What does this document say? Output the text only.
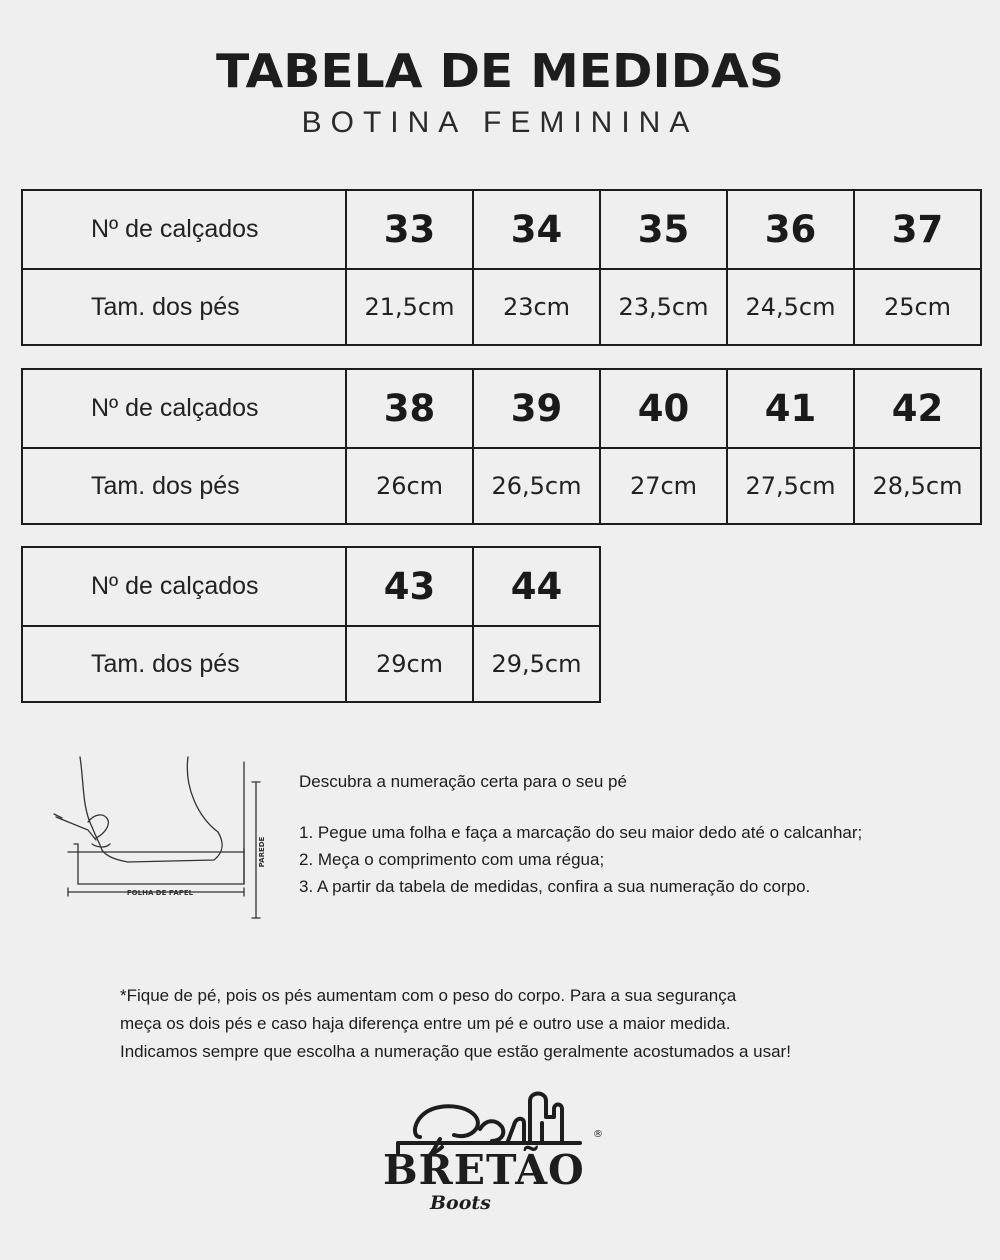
TABELA DE MEDIDAS
BOTINA FEMININA
Nº de calçados	33	34	35	36	37
Tam. dos pés	21,5cm	23cm	23,5cm	24,5cm	25cm
Nº de calçados	38	39	40	41	42
Tam. dos pés	26cm	26,5cm	27cm	27,5cm	28,5cm
Nº de calçados	43	44
Tam. dos pés	29cm	29,5cm
FOLHA DE PAPEL
PAREDE
Descubra a numeração certa para o seu pé
1. Pegue uma folha e faça a marcação do seu maior dedo até o calcanhar;
2. Meça o comprimento com uma régua;
3. A partir da tabela de medidas, confira a sua numeração do corpo.
*Fique de pé, pois os pés aumentam com o peso do corpo. Para a sua segurança
meça os dois pés e caso haja diferença entre um pé e outro use a maior medida.
Indicamos sempre que escolha a numeração que estão geralmente acostumados a usar!
®
BRETÃO
Boots
